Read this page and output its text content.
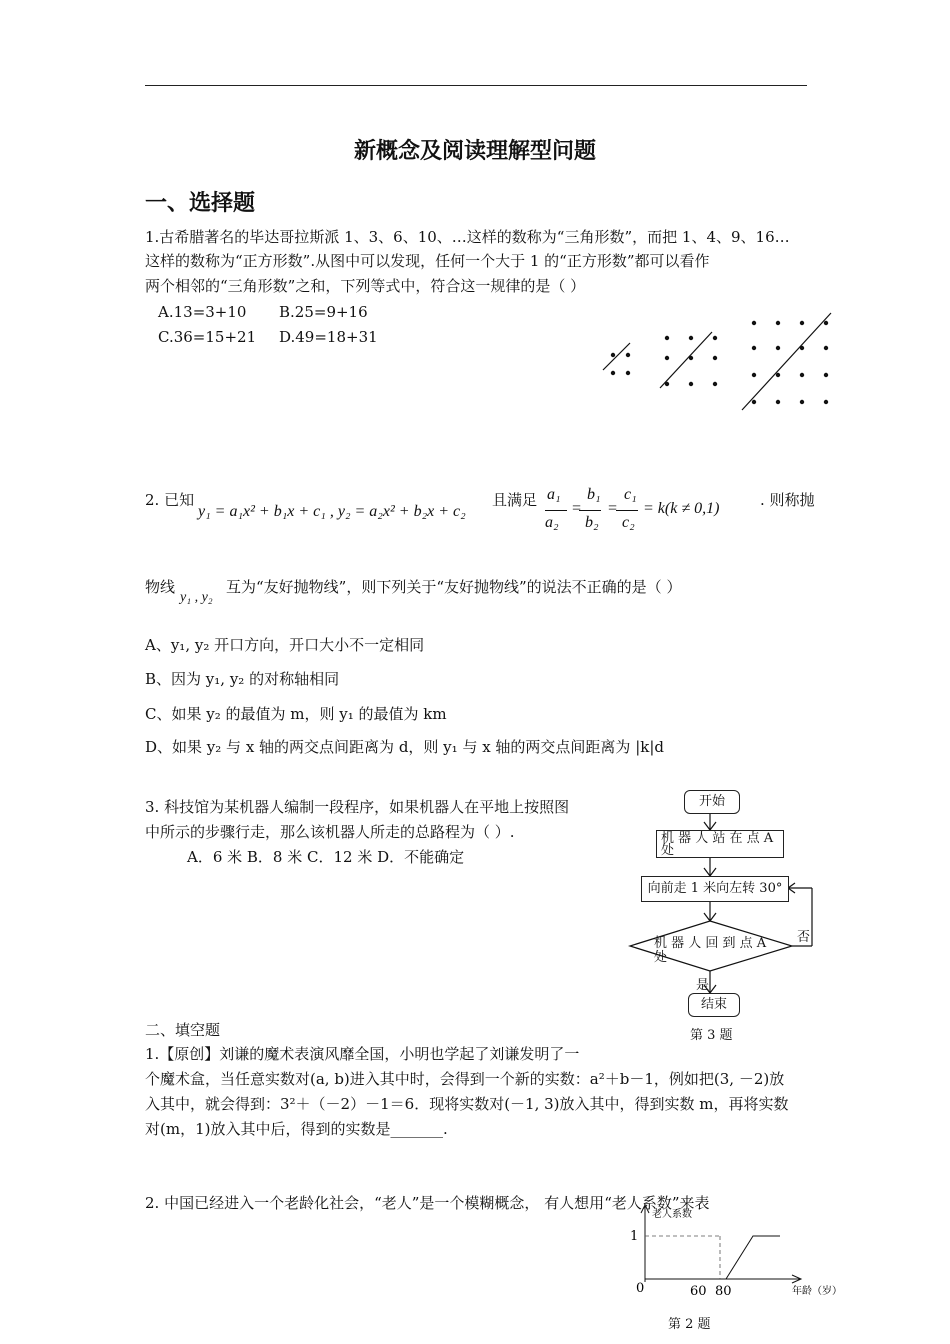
新概念及阅读理解型问题
一、选择题
1.古希腊著名的毕达哥拉斯派 1、3、6、10、…这样的数称为“三角形数”，而把 1、4、9、16…
这样的数称为“正方形数”.从图中可以发现，任何一个大于 1 的“正方形数”都可以看作
两个相邻的“三角形数”之和，下列等式中，符合这一规律的是（ ）
A.13=3+10 B.25=9+16
C.36=15+21 D.49=18+31
2. 已知
y₁ = a₁x² + b₁x + c₁ , y₂ = a₂x² + b₂x + c₂
且满足 a₁ b₁ c₁
= =
a₂ b₂ c₂
= k(k ≠ 0,1)	. 则称抛
物线
y₁ , y₂
互为“友好抛物线”，则下列关于“友好抛物线”的说法不正确的是（ ）
A、y₁, y₂ 开口方向，开口大小不一定相同
B、因为 y₁, y₂ 的对称轴相同
C、如果 y₂ 的最值为 m，则 y₁ 的最值为 km
D、如果 y₂ 与 x 轴的两交点间距离为 d，则 y₁ 与 x 轴的两交点间距离为 |k|d
3. 科技馆为某机器人编制一段程序，如果机器人在平地上按照图
中所示的步骤行走，那么该机器人所走的总路程为（ ）.
A．6 米 B．8 米 C．12 米 D．不能确定
开始
机 器 人 站 在 点 A 处
向前走 1 米向左转 30°
机 器 人 回 到 点 A 处
否
是
结束
第 3 题
二、填空题
1.【原创】刘谦的魔术表演风靡全国，小明也学起了刘谦发明了一
个魔术盒，当任意实数对(a, b)进入其中时，会得到一个新的实数：a²＋b－1，例如把(3, －2)放
入其中，就会得到：3²＋（－2）－1＝6．现将实数对(－1, 3)放入其中，得到实数 m，再将实数
对(m，1)放入其中后，得到的实数是_______.
2. 中国已经进入一个老龄化社会，“老人”是一个模糊概念， 有人想用“老人系数”来表
老人系数
1
0	60 80	年龄（岁）
第 2 题
